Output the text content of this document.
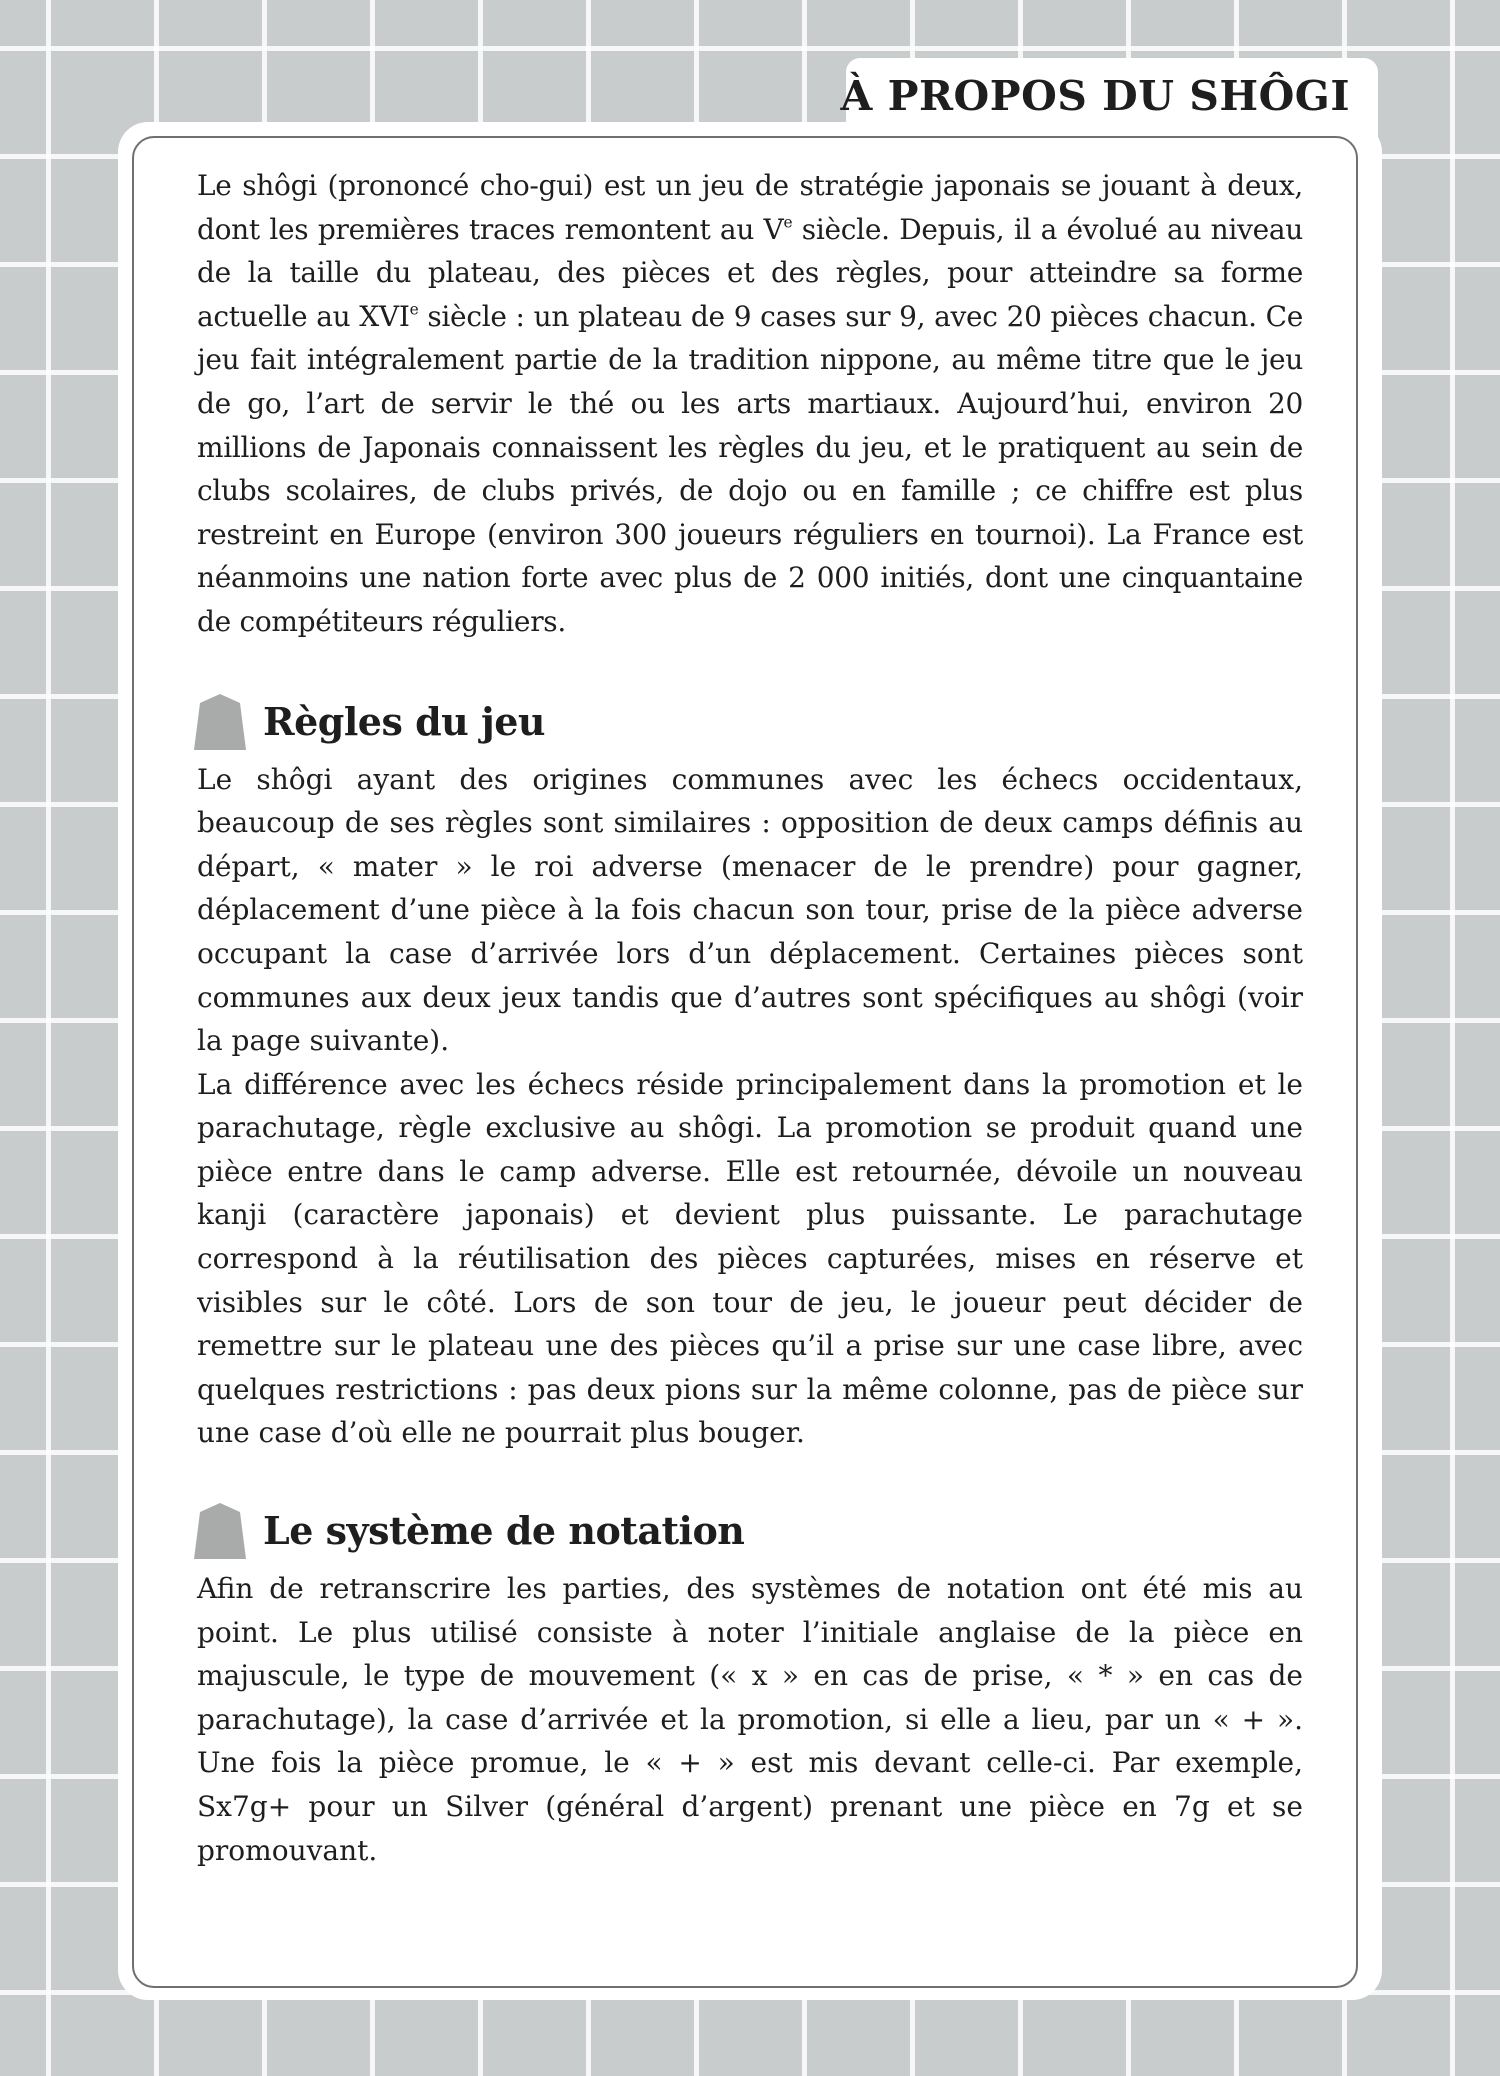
À PROPOS DU SHÔGI

Le shôgi (prononcé cho-gui) est un jeu de stratégie japonais se jouant à deux, dont les premières traces remontent au Ve siècle. Depuis, il a évolué au niveau de la taille du plateau, des pièces et des règles, pour atteindre sa forme actuelle au XVIe siècle : un plateau de 9 cases sur 9, avec 20 pièces chacun. Ce jeu fait intégralement partie de la tradition nippone, au même titre que le jeu de go, l’art de servir le thé ou les arts martiaux. Aujourd’hui, environ 20 millions de Japonais connaissent les règles du jeu, et le pratiquent au sein de clubs scolaires, de clubs privés, de dojo ou en famille ; ce chiffre est plus restreint en Europe (environ 300 joueurs réguliers en tournoi). La France est néanmoins une nation forte avec plus de 2 000 initiés, dont une cinquantaine de compétiteurs réguliers.

Règles du jeu

Le shôgi ayant des origines communes avec les échecs occidentaux, beaucoup de ses règles sont similaires : opposition de deux camps définis au départ, « mater » le roi adverse (menacer de le prendre) pour gagner, déplacement d’une pièce à la fois chacun son tour, prise de la pièce adverse occupant la case d’arrivée lors d’un déplacement. Certaines pièces sont communes aux deux jeux tandis que d’autres sont spécifiques au shôgi (voir la page suivante).

La différence avec les échecs réside principalement dans la promotion et le parachutage, règle exclusive au shôgi. La promotion se produit quand une pièce entre dans le camp adverse. Elle est retournée, dévoile un nouveau kanji (caractère japonais) et devient plus puissante. Le parachutage correspond à la réutilisation des pièces capturées, mises en réserve et visibles sur le côté. Lors de son tour de jeu, le joueur peut décider de remettre sur le plateau une des pièces qu’il a prise sur une case libre, avec quelques restrictions : pas deux pions sur la même colonne, pas de pièce sur une case d’où elle ne pourrait plus bouger.

Le système de notation

Afin de retranscrire les parties, des systèmes de notation ont été mis au point. Le plus utilisé consiste à noter l’initiale anglaise de la pièce en majuscule, le type de mouvement (« x » en cas de prise, « * » en cas de parachutage), la case d’arrivée et la promotion, si elle a lieu, par un « + ». Une fois la pièce promue, le « + » est mis devant celle-ci. Par exemple, Sx7g+ pour un Silver (général d’argent) prenant une pièce en 7g et se promouvant.
